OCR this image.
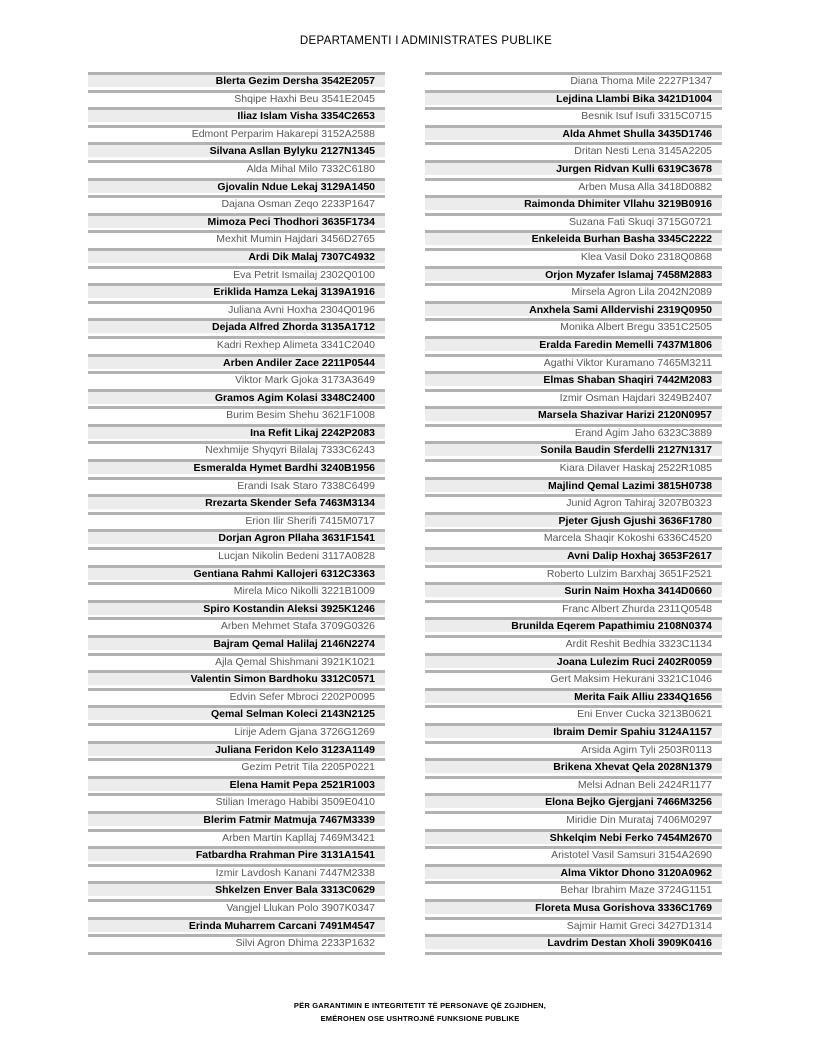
DEPARTAMENTI I ADMINISTRATES PUBLIKE
Blerta Gezim Dersha 3542E2057
Shqipe Haxhi Beu 3541E2045
Iliaz Islam Visha 3354C2653
Edmont Perparim Hakarepi 3152A2588
Silvana Asllan Bylyku 2127N1345
Alda Mihal Milo 7332C6180
Gjovalin Ndue Lekaj 3129A1450
Dajana Osman Zeqo 2233P1647
Mimoza Peci Thodhori 3635F1734
Mexhit Mumin Hajdari 3456D2765
Ardi Dik Malaj 7307C4932
Eva Petrit Ismailaj 2302Q0100
Eriklida Hamza Lekaj 3139A1916
Juliana Avni Hoxha 2304Q0196
Dejada Alfred Zhorda 3135A1712
Kadri Rexhep Alimeta 3341C2040
Arben Andiler Zace 2211P0544
Viktor Mark Gjoka 3173A3649
Gramos Agim Kolasi 3348C2400
Burim Besim Shehu 3621F1008
Ina Refit Likaj 2242P2083
Nexhmije Shyqyri Bilalaj 7333C6243
Esmeralda Hymet Bardhi 3240B1956
Erandi Isak Staro 7338C6499
Rrezarta Skender Sefa 7463M3134
Erion Ilir Sherifi 7415M0717
Dorjan Agron Pllaha 3631F1541
Lucjan Nikolin Bedeni 3117A0828
Gentiana Rahmi Kallojeri 6312C3363
Mirela Mico Nikolli 3221B1009
Spiro Kostandin Aleksi 3925K1246
Arben Mehmet Stafa 3709G0326
Bajram Qemal Halilaj 2146N2274
Ajla Qemal Shishmani 3921K1021
Valentin Simon Bardhoku 3312C0571
Edvin Sefer Mbroci 2202P0095
Qemal Selman Koleci 2143N2125
Lirije Adem Gjana 3726G1269
Juliana Feridon Kelo 3123A1149
Gezim Petrit Tila 2205P0221
Elena Hamit Pepa 2521R1003
Stilian Imerago Habibi 3509E0410
Blerim Fatmir Matmuja 7467M3339
Arben Martin Kapllaj 7469M3421
Fatbardha Rrahman Pire 3131A1541
Izmir Lavdosh Kanani 7447M2338
Shkelzen Enver Bala 3313C0629
Vangjel Llukan Polo 3907K0347
Erinda Muharrem Carcani 7491M4547
Silvi Agron Dhima 2233P1632
Diana Thoma Mile 2227P1347
Lejdina Llambi Bika 3421D1004
Besnik Isuf Isufi 3315C0715
Alda Ahmet Shulla 3435D1746
Dritan Nesti Lena 3145A2205
Jurgen Ridvan Kulli 6319C3678
Arben Musa Alla 3418D0882
Raimonda Dhimiter Vllahu 3219B0916
Suzana Fati Skuqi 3715G0721
Enkeleida Burhan Basha 3345C2222
Klea Vasil Doko 2318Q0868
Orjon Myzafer Islamaj 7458M2883
Mirsela Agron Lila 2042N2089
Anxhela Sami Alldervishi 2319Q0950
Monika Albert Bregu 3351C2505
Eralda Faredin Memelli 7437M1806
Agathi Viktor Kuramano 7465M3211
Elmas Shaban Shaqiri 7442M2083
Izmir Osman Hajdari 3249B2407
Marsela Shazivar Harizi 2120N0957
Erand Agim Jaho 6323C3889
Sonila Baudin Sferdelli 2127N1317
Kiara Dilaver Haskaj 2522R1085
Majlind Qemal Lazimi 3815H0738
Junid Agron Tahiraj 3207B0323
Pjeter Gjush Gjushi 3636F1780
Marcela Shaqir Kokoshi 6336C4520
Avni Dalip Hoxhaj 3653F2617
Roberto Lulzim Barxhaj 3651F2521
Surin Naim Hoxha 3414D0660
Franc Albert Zhurda 2311Q0548
Brunilda Eqerem Papathimiu 2108N0374
Ardit Reshit Bedhia 3323C1134
Joana Lulezim Ruci 2402R0059
Gert Maksim Hekurani 3321C1046
Merita Faik Alliu 2334Q1656
Eni Enver Cucka 3213B0621
Ibraim Demir Spahiu 3124A1157
Arsida Agim Tyli 2503R0113
Brikena Xhevat Qela 2028N1379
Melsi Adnan Beli 2424R1177
Elona Bejko Gjergjani 7466M3256
Miridie Din Murataj 7406M0297
Shkelqim Nebi Ferko 7454M2670
Aristotel Vasil Samsuri 3154A2690
Alma Viktor Dhono 3120A0962
Behar Ibrahim Maze 3724G1151
Floreta Musa Gorishova 3336C1769
Sajmir Hamit Greci 3427D1314
Lavdrim Destan Xholi 3909K0416
PËR GARANTIMIN E INTEGRITETIT TË PERSONAVE QË ZGJIDHEN,
EMËROHEN OSE USHTROJNË FUNKSIONE PUBLIKE
